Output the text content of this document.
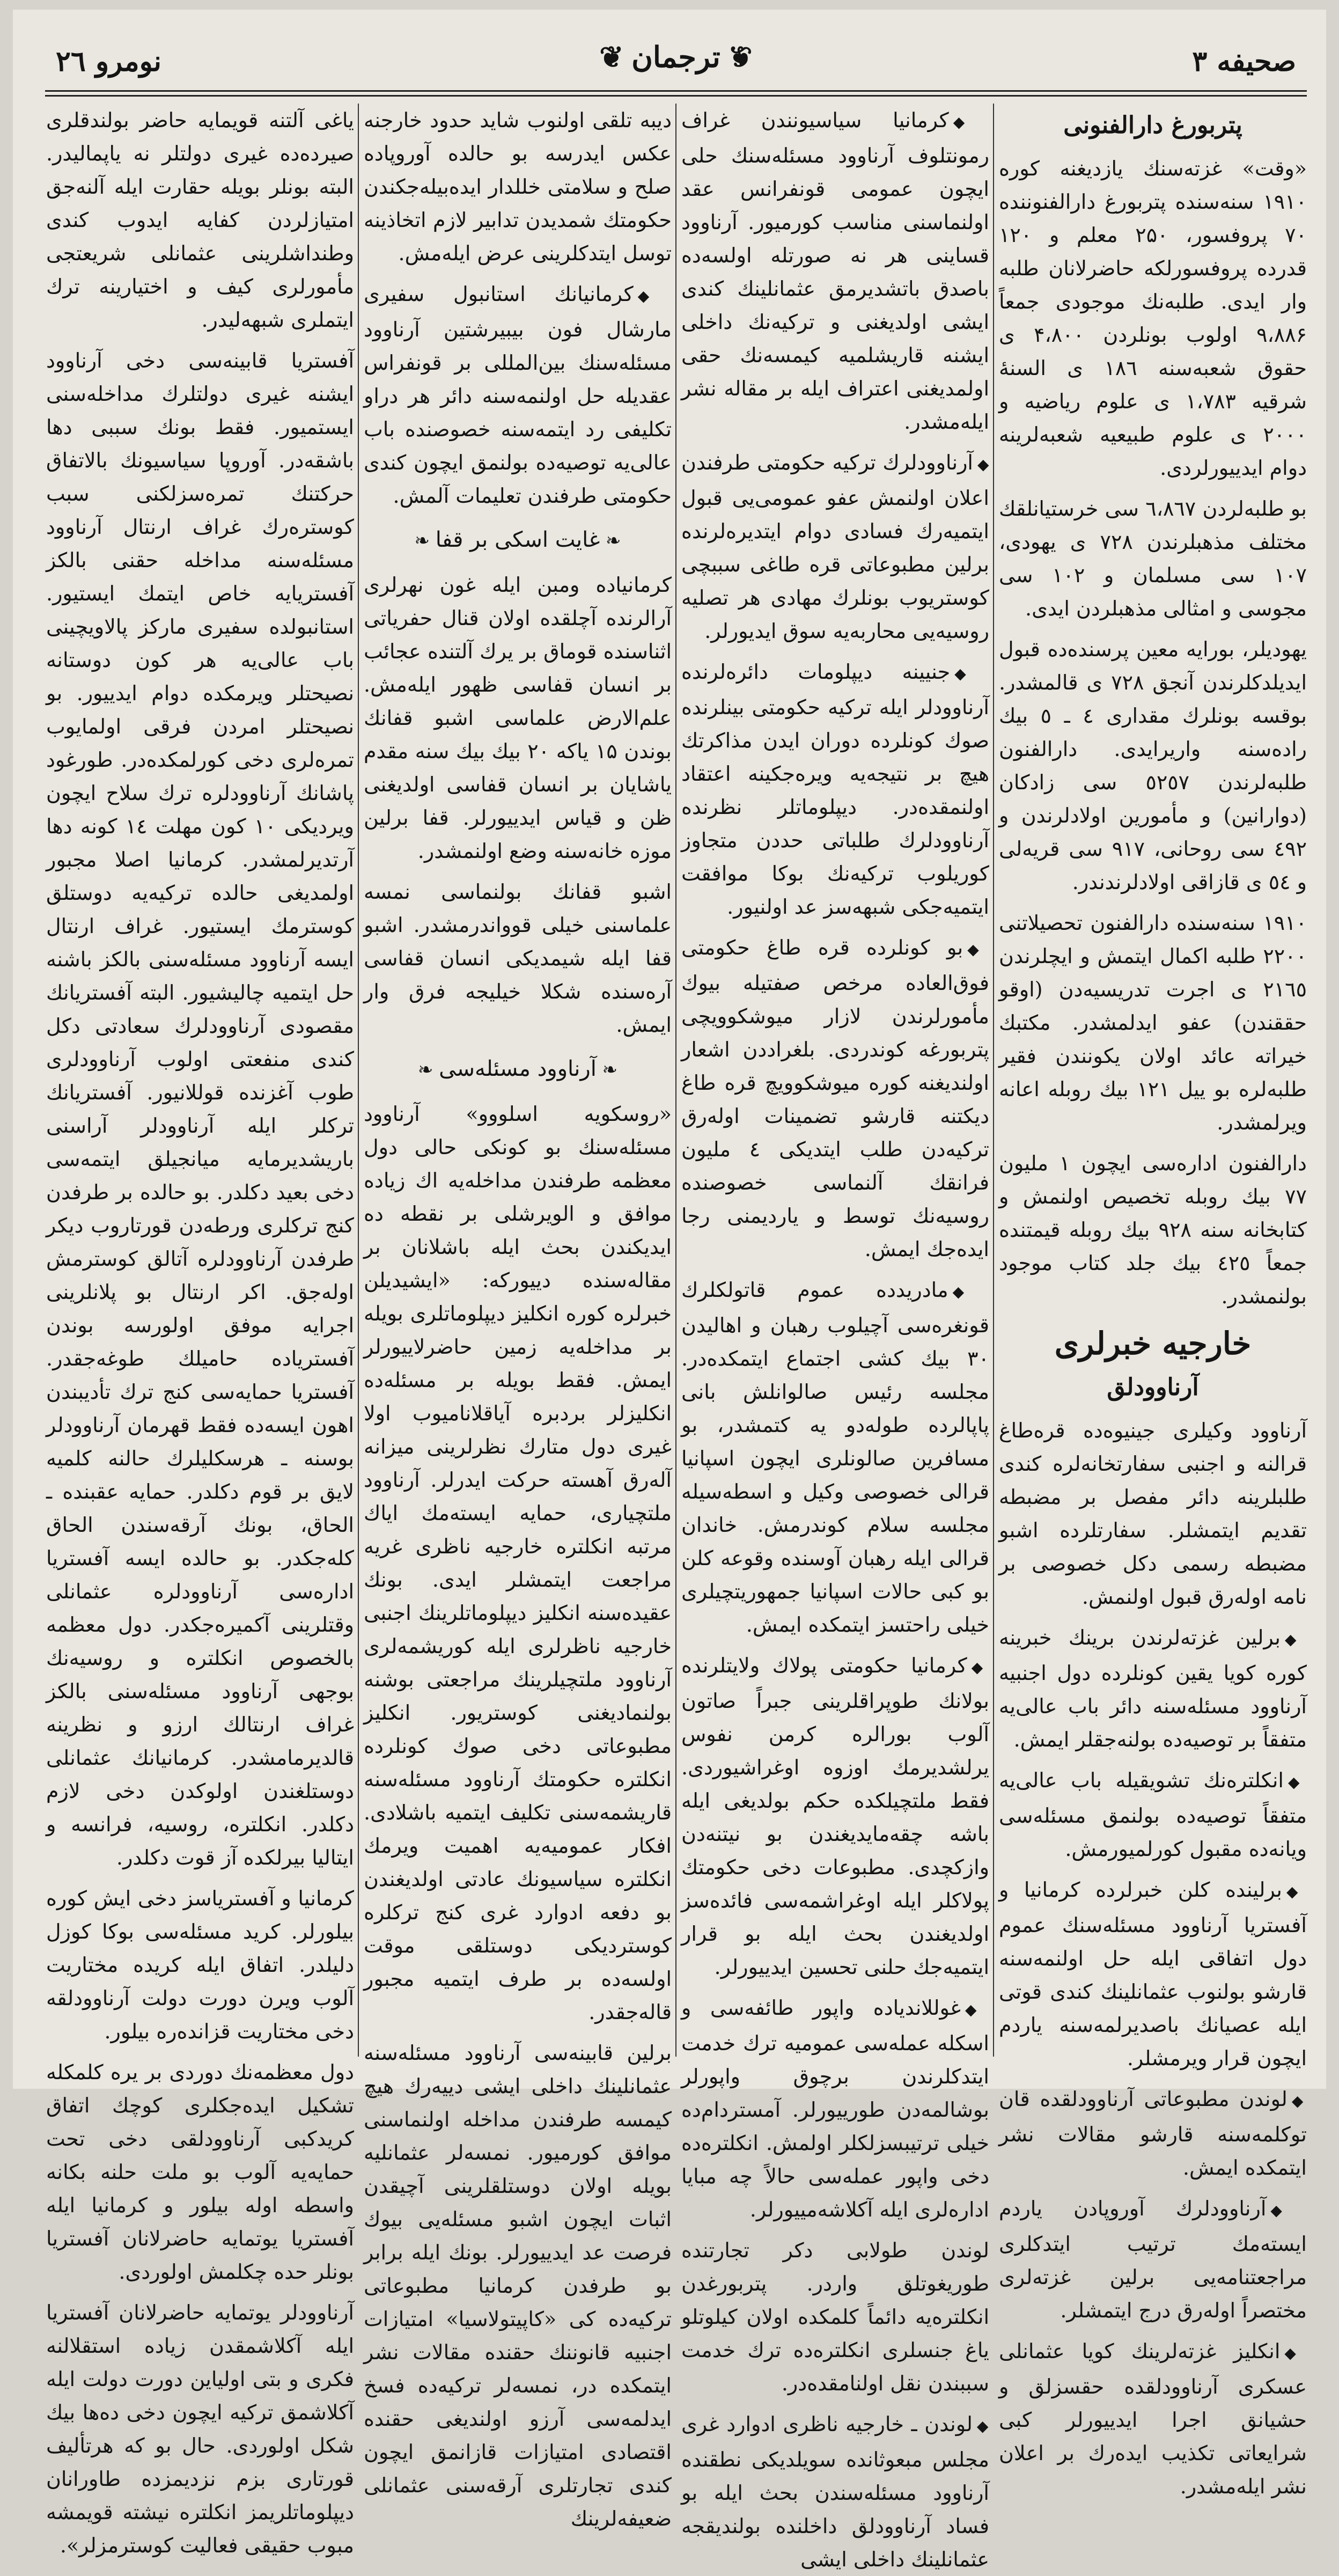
صحیفه ۳
❦ ترجمان ❦
نومرو ۲٦
پتربورغ دارالفنونی

«وقت» غزته‌سنك یازدیغنه كوره ۱۹۱۰ سنه‌سنده پتربورغ دارالفنوننده ۷۰ پروفسور، ۲۵۰ معلم و ۱۲۰ قدرده پروفسورلكه حاضرلانان طلبه وار ایدی. طلبه‌نك موجودی جمعاً ۹،۸۸۶ اولوب بونلردن ۴،۸۰۰ ی حقوق شعبه‌سنه ۱۸٦ ی السنهٔ شرقیه ۱،۷۸۳ ی علوم ریاضیه و ۲۰۰۰ ی علوم طبیعیه شعبه‌لرینه دوام ایدییورلردی.

بو طلبه‌لردن ٦،۸٦۷ سی خرستیانلقك مختلف مذهبلرندن ۷۲۸ ی یهودی، ۱۰۷ سی مسلمان و ۱۰۲ سی مجوسی و امثالی مذهبلردن ایدی.

یهودیلر، بورایه معین پرسنده‌ده قبول ایدیلدكلرندن آنجق ۷۲۸ ی قالمشدر. بوقسه بونلرك مقداری ٤ ـ ٥ بیك راده‌سنه واریرایدی. دارالفنون طلبه‌لرندن ٥۲٥۷ سی زادكان (دوارانین) و مأمورین اولادلرندن و ٤۹۲ سی روحانی، ۹۱۷ سی قریه‌لی و ٥٤ ی قازاقی اولادلرندندر.

۱۹۱۰ سنه‌سنده دارالفنون تحصیلاتنی ۲۲۰۰ طلبه اكمال ایتمش و ایچلرندن ۲۱٦٥ ی اجرت تدریسیه‌دن (اوقو حققندن) عفو ایدلمشدر. مكتبك خیراته عائد اولان یكونندن فقیر طلبه‌لره بو ییل ۱۲۱ بیك روبله اعانه ویرلمشدر.

دارالفنون اداره‌سی ایچون ۱ ملیون ۷۷ بیك روبله تخصیص اولنمش و كتابخانه سنه ۹۲۸ بیك روبله قیمتنده جمعاً ٤۲٥ بیك جلد كتاب موجود بولنمشدر.

خارجیه خبرلری
آرناوودلق

آرناوود وكیلری جینیوه‌ده قره‌طاغ قرالنه و اجنبی سفارتخانه‌لره كندی طلبلرینه دائر مفصل بر مضبطه تقدیم ایتمشلر. سفارتلرده اشبو مضبطه رسمی دكل خصوصی بر نامه اولەرق قبول اولنمش.

◆برلین غزته‌لرندن برینك خبرینه كوره كویا یقین كونلرده دول اجنبیه آرناوود مسئله‌سنه دائر باب عالی‌یه متفقاً بر توصیه‌ده بولنه‌جقلر ایمش.

◆انكلتره‌نك تشویقیله باب عالی‌یه متفقاً توصیه‌ده بولنمق مسئله‌سی ویانه‌ده مقبول كورلمیورمش.

◆برلینده كلن خبرلرده كرمانیا و آفستریا آرناوود مسئله‌سنك عموم دول اتفاقی ایله حل اولنمه‌سنه قارشو بولنوب عثمانلینك كندی قوتی ایله عصیانك باصدیرلمه‌سنه یاردم ایچون قرار ویرمشلر.

◆لوندن مطبوعاتی آرناوودلقده قان توكلمه‌سنه قارشو مقالات نشر ایتمكده ایمش.

◆آرناوودلرك آوروپادن یاردم ایستەمك ترتیب ایتدكلری مراجعتنامه‌یی برلین غزته‌لری مختصراً اولەرق درج ایتمشلر.

◆انكلیز غزته‌لرینك كویا عثمانلی عسكری آرناوودلقده حقسزلق و حشیانق اجرا ایدییورلر كبی شرایعاتی تكذیب ایده‌رك بر اعلان نشر ایلەمشدر.

◆كرمانیا سیاسیونندن غراف رمونتلوف آرناوود مسئله‌سنك حلی ایچون عمومی قونفرانس عقد اولنماسنی مناسب كورمیور. آرناوود قساینی هر نه صورتله اولسه‌ده باصدق باتشدیرمق عثمانلینك كندی ایشی اولدیغنی و تركیه‌نك داخلی ایشنه قاریشلمیه كیمسه‌نك حقی اولمدیغنی اعتراف ایله بر مقاله نشر ایلەمشدر.

◆آرناوودلرك تركیه حكومتی طرفندن اعلان اولنمش عفو عمومی‌یی قبول ایتمیەرك فسادی دوام ایتدیرەلرنده برلین مطبوعاتی قره طاغی سببچی كوستریوب بونلرك مهادی هر تصلیه روسیه‌یی محاربه‌یه سوق ایدیورلر.

◆جنیینه دیپلومات دائره‌لرنده آرناوودلر ایله تركیه حكومتی بینلرنده صوك كونلرده دوران ایدن مذاكرتك هیچ بر نتیجه‌یه ویره‌جكینه اعتقاد اولنمقده‌در. دیپلوماتلر نظرنده آرناوودلرك طلباتی حددن متجاوز كوریلوب تركیه‌نك بوكا موافقت ایتمیه‌جكی شبهه‌سز عد اولنیور.

◆بو كونلرده قره طاغ حكومتی فوق‌العاده مرخص صفتیله بیوك مأمورلرندن لازار میوشكوویچی پتربورغه كوندردی. بلغراددن اشعار اولندیغنه كوره میوشكوویچ قره طاغ دیكتنه قارشو تضمینات اولەرق تركیه‌دن طلب ایتدیكی ٤ ملیون فرانقك آلنماسی خصوصنده روسیه‌نك توسط و یاردیمنی رجا ایده‌جك ایمش.

◆مادریدده عموم قاتولكلرك قونغره‌سی آچیلوب رهبان و اهالیدن ۳۰ بیك كشی اجتماع ایتمكده‌در. مجلسه رئیس صالوانلش بانی پاپالرده طوله‌دو یه كتمشدر، بو مسافرین صالونلری ایچون اسپانیا قرالی خصوصی وكیل و اسطه‌سیله مجلسه سلام كوندرمش. خاندان قرالی ایله رهبان آوسنده وقوعه كلن بو كبی حالات اسپانیا جمهوریتچیلری خیلی راحتسز ایتمكده ایمش.

◆كرمانیا حكومتی پولاك ولایتلرنده بولانك طوپراقلرینی جبراً صاتون آلوب بورالره كرمن نفوس یرلشدیرمك اوزوه اوغراشیوردی. فقط ملتچیلكده حكم بولدیغی ایله باشه چقه‌مایدیغندن بو نیتنه‌دن وازكچدی. مطبوعات دخی حكومتك پولاكلر ایله اوغراشمه‌سی فائده‌سز اولدیغندن بحث ایله بو قرار ایتمیه‌جك حلنی تحسین ایدییورلر.

◆غوللاندیاده واپور طائفه‌سی و اسكله عمله‌سی عمومیه ترك خدمت ایتدكلرندن برچوق واپورلر بوشالمه‌دن طورییورلر. آمستردام‌ده خیلی ترتیبسزلكلر اولمش. انكلتره‌ده دخی واپور عمله‌سی حالاً چه مبایا اداره‌لری ایله آكلاشه‌مییورلر.

لوندن طولابی دكر تجارتنده طوریغوتلق واردر. پتربورغدن انكلتره‌یه دائماً كلمكده اولان كیلوتلو یاغ جنسلری انكلتره‌ده ترك خدمت سببندن نقل اولنامقده‌در.

◆لوندن ـ خارجیه ناظری ادوارد غری مجلس مبعوثانده سویلدیكی نطقنده آرناوود مسئله‌سندن بحث ایله بو فساد آرناوودلق داخلنده بولندیقجه عثمانلینك داخلی ایشی

دیبه تلقی اولنوب شاید حدود خارجنه عكس ایدرسه بو حالده آوروپاده صلح و سلامتی خللدار ایده‌بیله‌جكندن حكومتك شمدیدن تدابیر لازم اتخاذینه توسل ایتدكلرینی عرض ایلەمش.

◆كرمانیانك استانبول سفیری مارشال فون بیبیرشتین آرناوود مسئله‌سنك بین‌المللی بر قونفراس عقدیله حل اولنمه‌سنه دائر هر دراو تكلیفی رد ایتمه‌سنه خصوصنده باب عالی‌یه توصیه‌ده بولنمق ایچون كندی حكومتی طرفندن تعلیمات آلمش.

❧ غایت اسكی بر قفا ❧

كرمانیاده ومبن ایله غون نهرلری آرالرنده آچلقده اولان قنال حفریاتی اثناسنده قوماق بر یرك آلتنده عجائب بر انسان قفاسی ظهور ایلەمش. علم‌الارض علماسی اشبو قفانك بوندن ۱۵ یاكه ۲۰ بیك بیك سنه مقدم یاشایان بر انسان قفاسی اولدیغنی ظن و قیاس ایدییورلر. قفا برلین موزه خانه‌سنه وضع اولنمشدر.

اشبو قفانك بولنماسی نمسه علماسنی خیلی قوواندرمشدر. اشبو قفا ایله شیمدیكی انسان قفاسی آره‌سنده شكلا خیلیجه فرق وار ایمش.

❧ آرناوود مسئله‌سی ❧

«روسكویه اسلووو» آرناوود مسئله‌سنك بو كونكی حالی دول معظمه طرفندن مداخله‌یه اك زیاده موافق و الویرشلی بر نقطه ده ایدیكندن بحث ایله باشلانان بر مقاله‌سنده دییوركه: «ایشیدیلن خبرلره كوره انكلیز دیپلوماتلری بویله بر مداخله‌یه زمین حاضرلاییورلر ایمش. فقط بویله بر مسئله‌ده انكلیزلر بردبره آیاقلانامیوب اولا غیری دول متارك نظرلرینی میزانه آلەرق آهسته حركت ایدرلر. آرناوود ملتچیاری، حمایه ایستەمك ایاك مرتبه انكلتره خارجیه ناظری غریه مراجعت ایتمشلر ایدی. بونك عقیده‌سنه انكلیز دیپلوماتلرینك اجنبی خارجیه ناظرلری ایله كوریشمه‌لری آرناوود ملتچیلرینك مراجعتی بوشنه بولنمادیغنی كوستریور. انكلیز مطبوعاتی دخی صوك كونلرده انكلتره حكومتك آرناوود مسئله‌سنه قاریشمه‌سنی تكلیف ایتمیه باشلادی. افكار عمومیه‌یه اهمیت ویرمك انكلتره سیاسیونك عادتی اولدیغندن بو دفعه ادوارد غری كنج تركلره كوستردیكی دوستلقی موقت اولسه‌ده بر طرف ایتمیه مجبور قاله‌جقدر.

برلین قابینه‌سی آرناوود مسئله‌سنه عثمانلینك داخلی ایشی دییەرك هیچ كیمسه طرفندن مداخله اولنماسنی موافق كورمیور. نمسه‌لر عثمانلیه بویله اولان دوستلقلرینی آچیقدن اثبات ایچون اشبو مسئله‌یی بیوك فرصت عد ایدییورلر. بونك ایله برابر بو طرفدن كرمانیا مطبوعاتی تركیه‌ده كی «كاپیتولاسیا» امتیازات اجنبیه قانوننك حقنده مقالات نشر ایتمكده در، نمسه‌لر تركیه‌ده فسخ ایدلمه‌سی آرزو اولندیغی حقنده اقتصادی امتیازات قازانمق ایچون كندی تجارتلری آرقه‌سنی عثمانلی ضعیفه‌لرینك

یاغی آلتنه قویمایه حاضر بولندقلری صیردەده غیری دولتلر نه یاپمالیدر. البته بونلر بویله حقارت ایله آلنه‌جق امتیازلردن كفایه ایدوب كندی وطنداشلرینی عثمانلی شریعتجی مأمورلری كیف و اختیارینه ترك ایتملری شبهه‌لیدر.

آفستریا قابینه‌سی دخی آرناوود ایشنه غیری دولتلرك مداخله‌سنی ایستمیور. فقط بونك سببی دها باشقه‌در. آوروپا سیاسیونك بالاتفاق حركتنك تمره‌سزلكنی سبب كوسترەرك غراف ارنتال آرناوود مسئله‌سنه مداخله حقنی بالكز آفستریایه خاص ایتمك ایستیور. استانبولده سفیری ماركز پالاویچینی باب عالی‌یه هر كون دوستانه نصیحتلر ویرمكده دوام ایدییور. بو نصیحتلر امردن فرقی اولمایوب تمره‌لری دخی كورلمكده‌در. طورغود پاشانك آرناوودلره ترك سلاح ایچون ویردیكی ۱۰ كون مهلت ۱٤ كونه دها آرتدیرلمشدر. كرمانیا اصلا مجبور اولمدیغی حالده تركیه‌یه دوستلق كوسترمك ایستیور. غراف ارنتال ایسه آرناوود مسئله‌سنی بالكز باشنه حل ایتمیه چالیشیور. البته آفستریانك مقصودی آرناوودلرك سعادتی دكل كندی منفعتی اولوب آرناوودلری طوب آغزنده قوللانیور. آفستریانك تركلر ایله آرناوودلر آراسنی باریشدیرمایه میانجیلق ایتمه‌سی دخی بعید دكلدر. بو حالده بر طرفدن كنج تركلری ورطه‌دن قورتاروب دیكر طرفدن آرناوودلره آتالق كوسترمش اوله‌جق. اكر ارنتال بو پلانلرینی اجرایه موفق اولورسه بوندن آفستریاده حامیلك طوغه‌جقدر. آفستریا حمایه‌سی كنج ترك تأدیبندن اهون ایسه‌ده فقط قهرمان آرناوودلر بوسنه ـ هرسكلیلرك حالنه كلمیه لایق بر قوم دكلدر. حمایه عقبنده ـ الحاق، بونك آرقه‌سندن الحاق كله‌جكدر. بو حالده ایسه آفستریا اداره‌سی آرناوودلره عثمانلی وقتلرینی آكمیرەجكدر. دول معظمه بالخصوص انكلتره و روسیه‌نك بوجهی آرناوود مسئله‌سنی بالكز غراف ارنتالك ارزو و نظرینه قالدیرمامشدر. كرمانیانك عثمانلی دوستلغندن اولوكدن دخی لازم دكلدر. انكلتره، روسیه، فرانسه و ایتالیا بیرلكده آز قوت دكلدر.

كرمانیا و آفستریاسز دخی ایش كوره بیلورلر. كرید مسئله‌سی بوكا كوزل دلیلدر. اتفاق ایله كریده مختاریت آلوب ویرن دورت دولت آرناوودلقه دخی مختاریت قزانده‌ره بیلور.

دول معظمه‌نك دوردی بر یره كلمكله تشكیل ایده‌جكلری كوچك اتفاق كریدكبی آرناوودلقی دخی تحت حمایه‌یه آلوب بو ملت حلنه بكانه واسطه اوله بیلور و كرمانیا ایله آفستریا یوتمایه حاضرلانان آفستریا بونلر حده چكلمش اولوردی.

آرناوودلر یوتمایه حاضرلانان آفستریا ایله آكلاشمقدن زیاده استقلالنه فكری و بتی اولیاین دورت دولت ایله آكلاشمق تركیه ایچون دخی ده‌ها بیك شكل اولوردی. حال بو كه هرتألیف قورتاری بزم نزدیمزده طاورانان دیپلوماتلریمز انكلتره نیشته قویمشه مبوب حقیقی فعالیت كوسترمزلر».
